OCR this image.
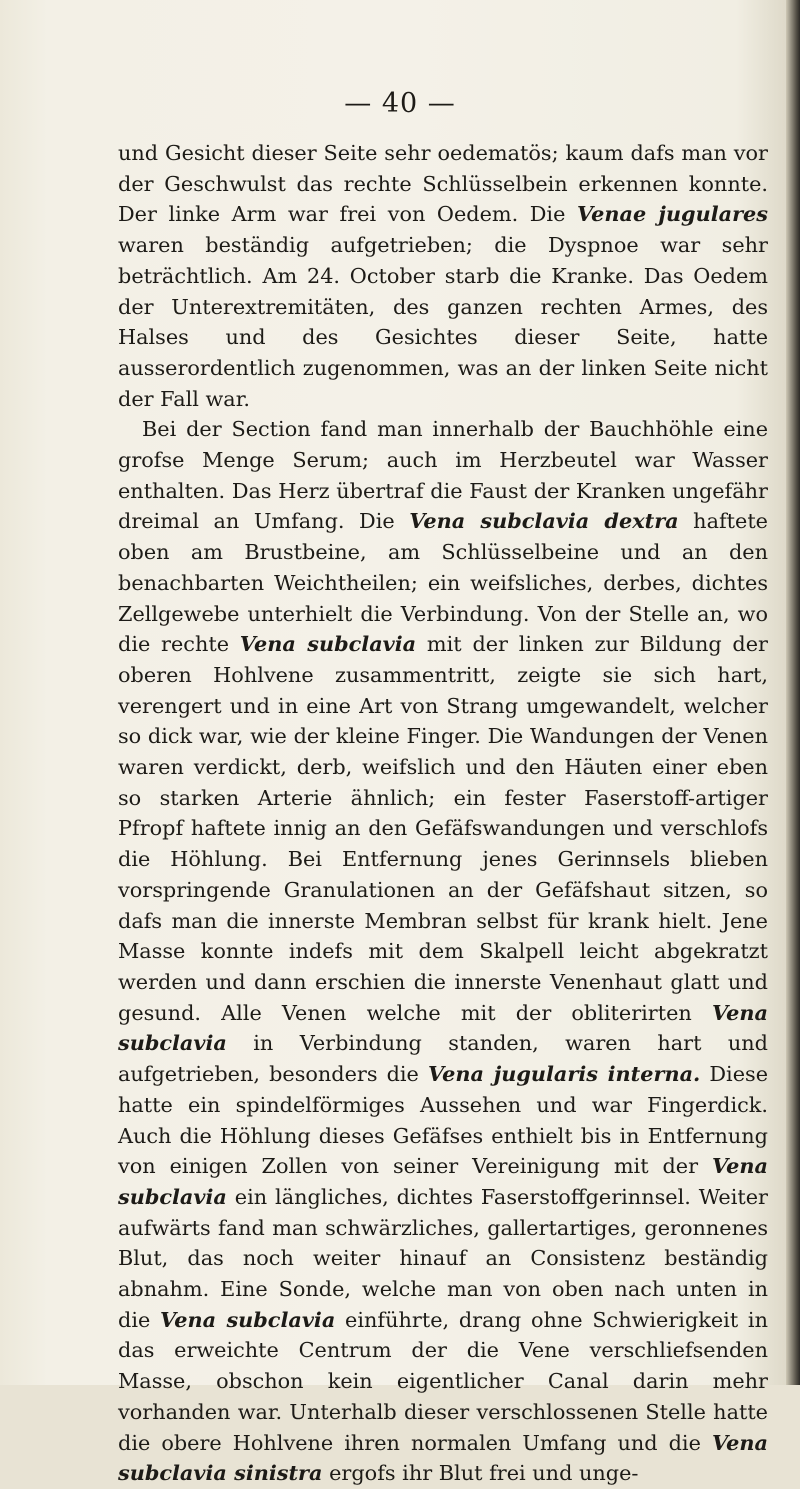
— 40 —

und Gesicht dieser Seite sehr oedematös; kaum dafs man vor der Geschwulst das rechte Schlüsselbein erkennen konnte. Der linke Arm war frei von Oedem. Die Venae jugulares waren beständig aufgetrieben; die Dyspnoe war sehr beträchtlich. Am 24. October starb die Kranke. Das Oedem der Unterextremitäten, des ganzen rechten Armes, des Halses und des Gesichtes dieser Seite, hatte ausserordentlich zugenommen, was an der linken Seite nicht der Fall war.

Bei der Section fand man innerhalb der Bauchhöhle eine grofse Menge Serum; auch im Herzbeutel war Wasser enthalten. Das Herz übertraf die Faust der Kranken ungefähr dreimal an Umfang. Die Vena subclavia dextra haftete oben am Brustbeine, am Schlüsselbeine und an den benachbarten Weichtheilen; ein weifsliches, derbes, dichtes Zellgewebe unterhielt die Verbindung. Von der Stelle an, wo die rechte Vena subclavia mit der linken zur Bildung der oberen Hohlvene zusammentritt, zeigte sie sich hart, verengert und in eine Art von Strang umgewandelt, welcher so dick war, wie der kleine Finger. Die Wandungen der Venen waren verdickt, derb, weifslich und den Häuten einer eben so starken Arterie ähnlich; ein fester Faserstoff-artiger Pfropf haftete innig an den Gefäfswandungen und verschlofs die Höhlung. Bei Entfernung jenes Gerinnsels blieben vorspringende Granulationen an der Gefäfshaut sitzen, so dafs man die innerste Membran selbst für krank hielt. Jene Masse konnte indefs mit dem Skalpell leicht abgekratzt werden und dann erschien die innerste Venenhaut glatt und gesund. Alle Venen welche mit der obliterirten Vena subclavia in Verbindung standen, waren hart und aufgetrieben, besonders die Vena jugularis interna. Diese hatte ein spindelförmiges Aussehen und war Fingerdick. Auch die Höhlung dieses Gefäfses enthielt bis in Entfernung von einigen Zollen von seiner Vereinigung mit der Vena subclavia ein längliches, dichtes Faserstoffgerinnsel. Weiter aufwärts fand man schwärzliches, gallertartiges, geronnenes Blut, das noch weiter hinauf an Consistenz beständig abnahm. Eine Sonde, welche man von oben nach unten in die Vena subclavia einführte, drang ohne Schwierigkeit in das erweichte Centrum der die Vene verschliefsenden Masse, obschon kein eigentlicher Canal darin mehr vorhanden war. Unterhalb dieser verschlossenen Stelle hatte die obere Hohlvene ihren normalen Umfang und die Vena subclavia sinistra ergofs ihr Blut frei und unge-
